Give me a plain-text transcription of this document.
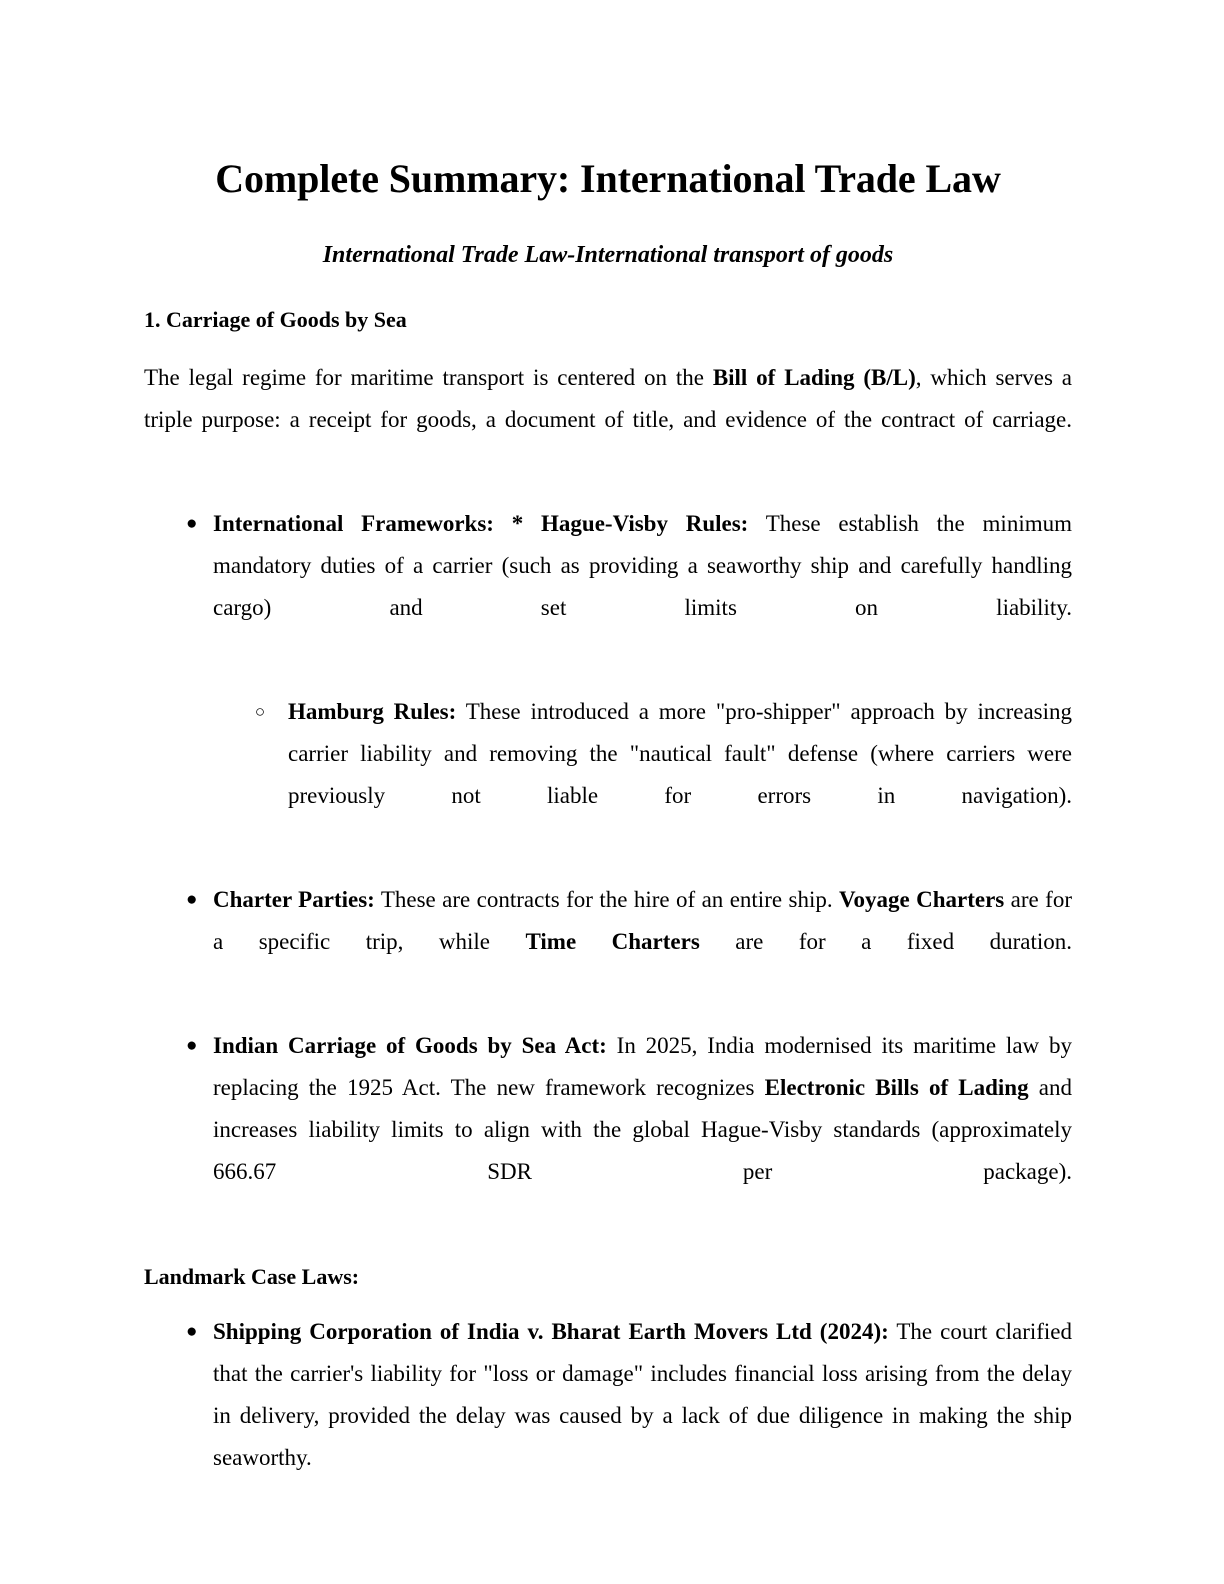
Complete Summary: International Trade Law

International Trade Law-International transport of goods

1. Carriage of Goods by Sea

The legal regime for maritime transport is centered on the Bill of Lading (B/L), which serves a triple purpose: a receipt for goods, a document of title, and evidence of the contract of carriage.

● International Frameworks: * Hague-Visby Rules: These establish the minimum mandatory duties of a carrier (such as providing a seaworthy ship and carefully handling cargo) and set limits on liability.
○ Hamburg Rules: These introduced a more "pro-shipper" approach by increasing carrier liability and removing the "nautical fault" defense (where carriers were previously not liable for errors in navigation).
● Charter Parties: These are contracts for the hire of an entire ship. Voyage Charters are for a specific trip, while Time Charters are for a fixed duration.
● Indian Carriage of Goods by Sea Act: In 2025, India modernised its maritime law by replacing the 1925 Act. The new framework recognizes Electronic Bills of Lading and increases liability limits to align with the global Hague-Visby standards (approximately 666.67 SDR per package).
Landmark Case Laws:
● Shipping Corporation of India v. Bharat Earth Movers Ltd (2024): The court clarified that the carrier's liability for "loss or damage" includes financial loss arising from the delay in delivery, provided the delay was caused by a lack of due diligence in making the ship seaworthy.
